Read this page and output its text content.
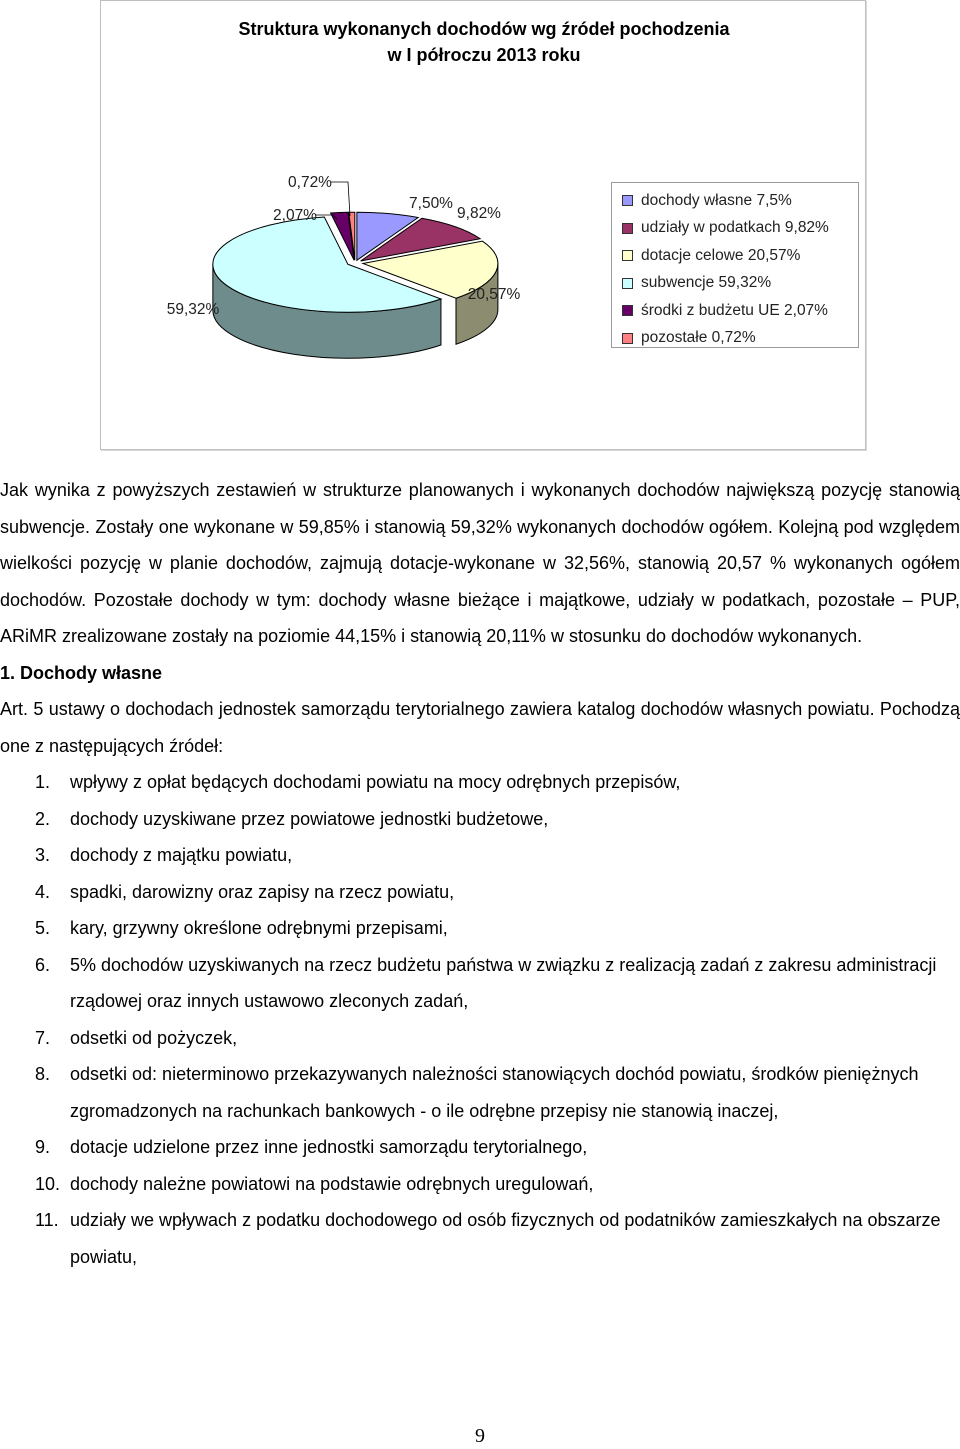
Struktura wykonanych dochodów wg źródeł pochodzenia
w I półroczu 2013 roku
7,50%
9,82%
20,57%
59,32%
2,07%
0,72%
dochody własne 7,5%
udziały w podatkach 9,82%
dotacje celowe 20,57%
subwencje 59,32%
środki z budżetu UE 2,07%
pozostałe 0,72%

Jak wynika z powyższych zestawień w strukturze planowanych i wykonanych dochodów największą pozycję stanowią subwencje. Zostały one wykonane w 59,85% i stanowią 59,32% wykonanych dochodów ogółem. Kolejną pod względem wielkości pozycję w planie dochodów, zajmują dotacje-wykonane w 32,56%, stanowią 20,57 % wykonanych ogółem dochodów. Pozostałe dochody w tym: dochody własne bieżące i majątkowe, udziały w podatkach, pozostałe – PUP, ARiMR zrealizowane zostały na poziomie 44,15% i stanowią 20,11% w stosunku do dochodów wykonanych.

1. Dochody własne

Art. 5 ustawy o dochodach jednostek samorządu terytorialnego zawiera katalog dochodów własnych powiatu. Pochodzą one z następujących źródeł:

1.	wpływy z opłat będących dochodami powiatu na mocy odrębnych przepisów,
2.	dochody uzyskiwane przez powiatowe jednostki budżetowe,
3.	dochody z majątku powiatu,
4.	spadki, darowizny oraz zapisy na rzecz powiatu,
5.	kary, grzywny określone odrębnymi przepisami,
6.	5% dochodów uzyskiwanych na rzecz budżetu państwa w związku z realizacją zadań z zakresu administracji rządowej oraz innych ustawowo zleconych zadań,
7.	odsetki od pożyczek,
8.	odsetki od: nieterminowo przekazywanych należności stanowiących dochód powiatu, środków pieniężnych zgromadzonych na rachunkach bankowych - o ile odrębne przepisy nie stanowią inaczej,
9.	dotacje udzielone przez inne jednostki samorządu terytorialnego,
10. dochody należne powiatowi na podstawie odrębnych uregulowań,
11. udziały we wpływach z podatku dochodowego od osób fizycznych od podatników zamieszkałych na obszarze powiatu,
9
